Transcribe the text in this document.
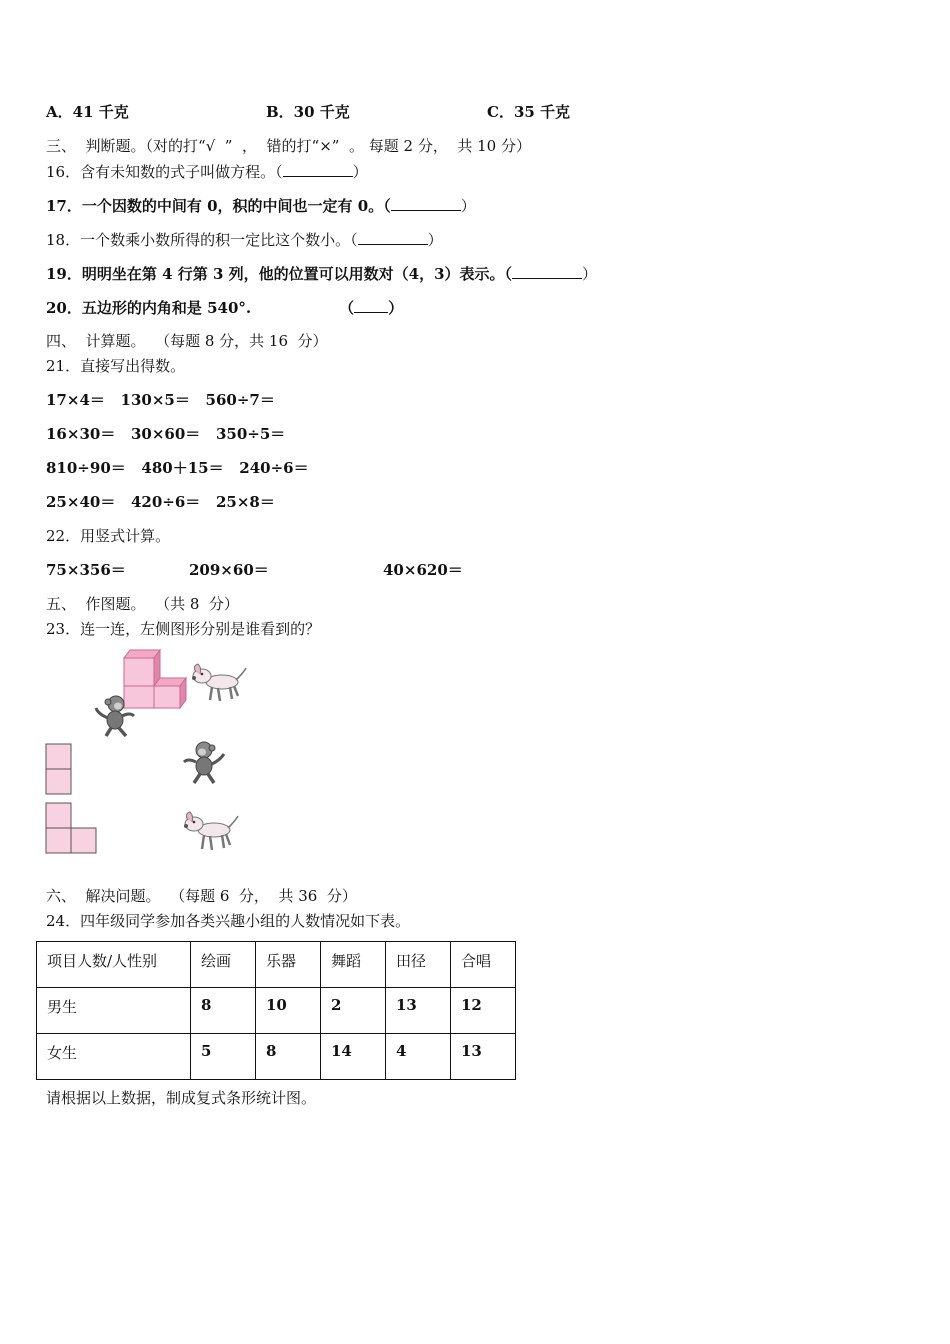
A．41 千克	B．30 千克	C．35 千克
三、  判断题。（对的打“√  ”  ，  错的打“×”  。 每题 2 分，  共 10 分）
16．含有未知数的式子叫做方程。（	）
17．一个因数的中间有 0，积的中间也一定有 0。（	）
18．一个数乘小数所得的积一定比这个数小。（	）
19．明明坐在第 4 行第 3 列，他的位置可以用数对（4，3）表示。（	）
20．五边形的内角和是 540°.	（ ）
四、  计算题。  （每题 8 分，共 16  分）
21．直接写出得数。
17×4＝   130×5＝   560÷7＝
16×30＝   30×60＝   350÷5＝
810÷90＝   480＋15＝   240÷6＝
25×40＝   420÷6＝   25×8＝
22．用竖式计算。
75×356＝	209×60＝	40×620＝
五、  作图题。  （共 8  分）
23．连一连，左侧图形分别是谁看到的？
六、  解决问题。  （每题 6  分，  共 36  分）
24．四年级同学参加各类兴趣小组的人数情况如下表。
项目人数/人性别	绘画	乐器	舞蹈	田径	合唱
男生	8	10	2	13	12
女生	5	8	14	4	13
请根据以上数据，制成复式条形统计图。
